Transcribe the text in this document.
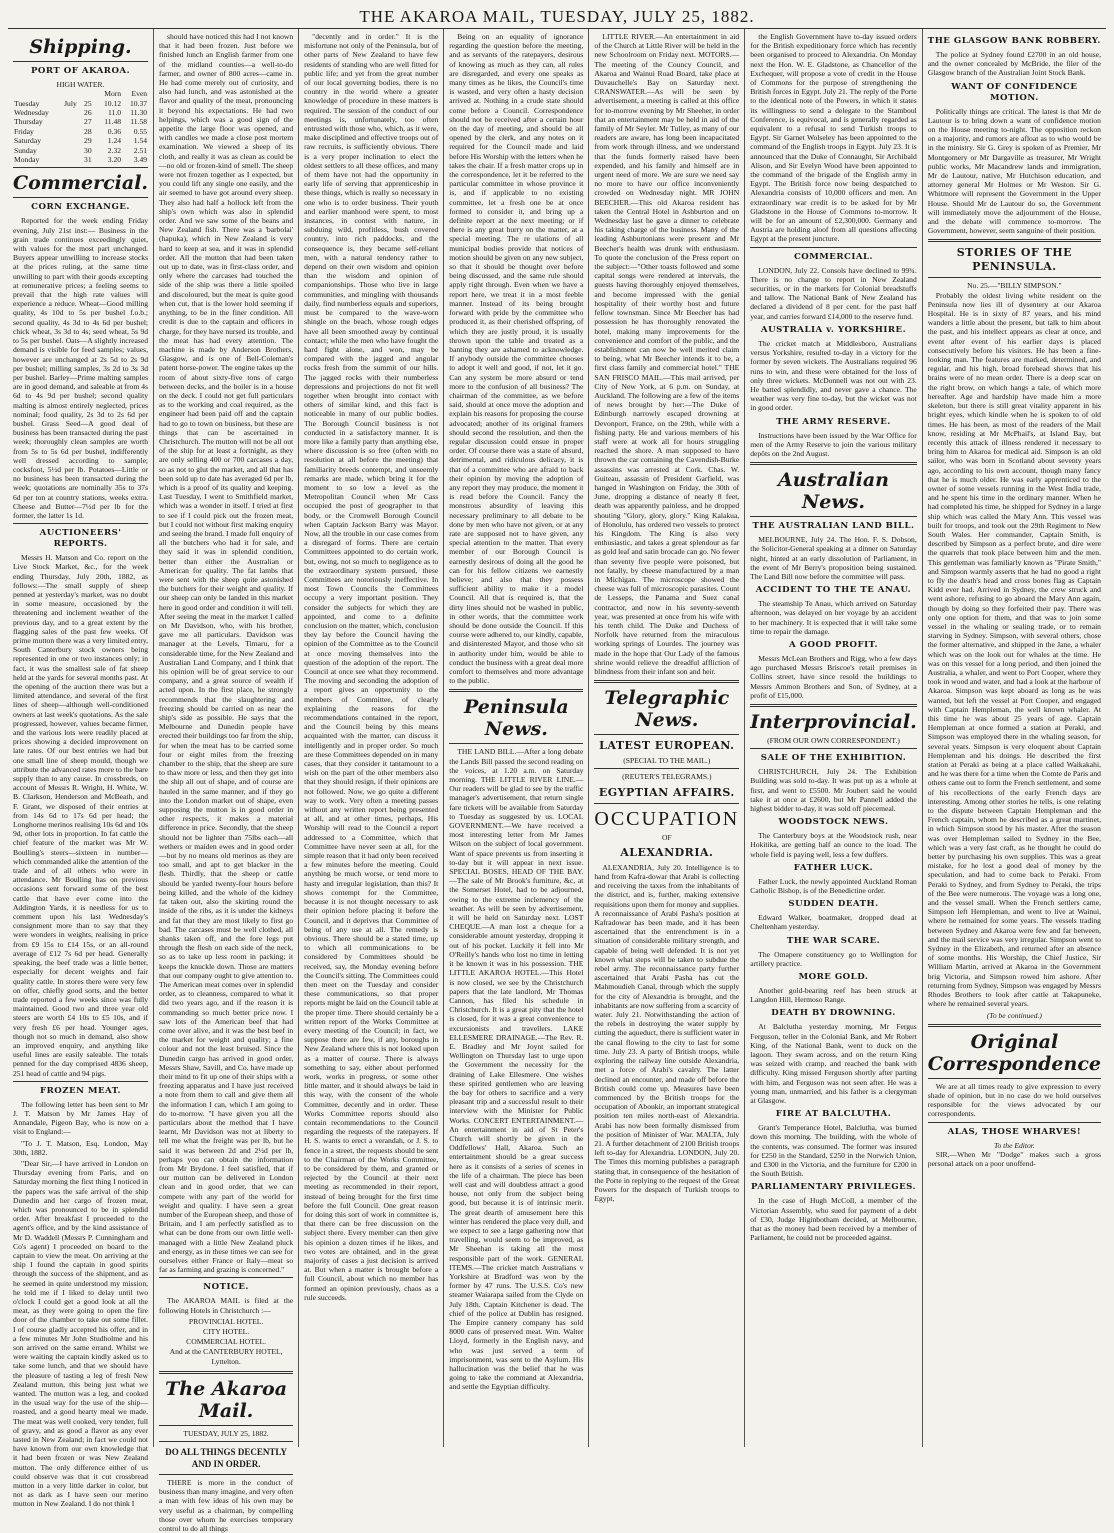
THE AKAROA MAIL, TUESDAY, JULY 25, 1882.
Shipping.
PORT OF AKAROA.
HIGH WATER.
			Morn	Even
Tuesday	July	25	10.12	10.37
Wednesday		26	11.0	11.30
Thursday		27	11.48	11.58
Friday		28	0.36	0.55
Saturday		29	1.24	1.54
Sunday		30	2.32	2.51
Monday		31	3.20	3.49
Commercial.
CORN EXCHANGE.

Reported for the week ending Friday evening, July 21st inst:— Business in the grain trade continues exceedingly quiet, with values for the most part unchanged. Buyers appear unwilling to increase stocks at the prices ruling, at the same time unwilling to part with their goods excepting at remunerative prices; a feeling seems to prevail that the high rate values will experience a reduce. Wheat—Good milling quality, 4s 10d to 5s per bushel f.o.b.; second quality, 4s 3d to 4s 6d per bushel; chick wheat, 3s 3d to 4s; seed wheat, 5s 9d to 5s per bushel. Oats—A slightly increased demand is visible for feed samples; values, however are unchanged at 2s 5d to 2s 9d per bushel; milling samples, 3s 2d to 3s 3d per bushel. Barley—Prime malting samples are in good demand, and saleable at from 4s 6d to 4s 9d per bushel; second quality malting is almost entirely neglected, prices nominal; food quality, 2s 3d to 2s 6d per bushel. Grass Seed—A good deal of business has been transacted during the past week; thoroughly clean samples are worth from 5s to 5s 6d per bushel, indifferently well dressed according to sample; cocksfoot, 5½d per lb. Potatoes—Little or no business has been transacted during the week; quotations are nominally 35s to 37s 6d per ton at country stations, weeks extra. Cheese and Butter—7½d per lb for the former, the latter 1s 1d.

AUCTIONEERS' REPORTS.

Messrs H. Matson and Co. report on the Live Stock Market, &c., for the week ending Thursday, July 20th, 1882, as follows:—The small supply of sheep penned at yesterday's market, was no doubt in some measure, occasioned by the threatening and inclement weather of the previous day, and to a great extent by the flagging sales of the past few weeks. Of prime mutton there was a very limited entry, South Canterbury stock owners being represented in one or two instances only; in fact, it was the smallest sale of fat sheep held at the yards for several months past. At the opening of the auction there was but a limited attendance, and several of the first lines of sheep—although well-conditioned owners at last week's quotations. As the sale progressed, however, values became firmer, and the various lots were readily placed at prices showing a decided improvement on late rates. Of our best entries we had but one small line of sheep mould, though we attribute the advanced rates more to the bare supply than to any cause. In crossbreds, on account of Messrs R. Wright, H. White, W. B. Clarkson, Henderson and McBeath, and F. Grant, we disposed of their entries at from 14s 6d to 17s 6d per head; the Longhorne merinos realising 10s 6d and 10s 9d, other lots in proportion. In fat cattle the chief feature of the market was Mr W. Boulling's steers—sixteen in number—which commanded alike the attention of the trade and of all others who were in attendance. Mr Boulling has on previous occasions sent forward some of the best cattle that have ever come into the Addington Yards, it is needless for us to comment upon his last Wednesday's consignment more than to say that they were wonders in weights, realising in price from £9 15s to £14 15s, or an all-round average of £12 7s 6d per head. Generally speaking, the beef trade was a little better, especially for decent weights and fair quality cattle. In stores there were very few on offer, chiefly good sorts, and the better trade reported a few weeks since was fully maintained. Good two and three year old steers are worth £4 10s to £5 10s, and if very fresh £6 per head. Younger ages, though not so much in demand, also show an improved enquiry, and anything like useful lines are easily saleable. The totals penned for the day comprised 4836 sheep, 251 head of cattle and 94 pigs.

FROZEN MEAT.

The following letter has been sent to Mr J. T. Matson by Mr James Hay of Annandale, Pigeon Bay, who is now on a visit to England:—

"To J. T. Matson, Esq. London, May 30th, 1882.

"Dear Sir,—I have arrived in London on Thursday evening from Paris, and on Saturday morning the first thing I noticed in the papers was the safe arrival of the ship Dunedin and her cargo of frozen meat, which was pronounced to be in splendid order. After breakfast I proceeded to the agent's office, and by the kind assistance of Mr D. Waddell (Messrs P. Cunningham and Co's agent) I proceeded on board to the captain to view the meat. On arriving at the ship I found the captain in good spirits through the success of the shipment, and as he seemed in quite understood my mission, he told me if I liked to delay until two o'clock I could get a good look at all the meat, as they were going to open the fire door of the chamber to take out some fillet. I of course gladly accepted his offer, and in a few minutes Mr John Studholme and his son arrived on the same errand. Whilst we were waiting the captain kindly asked us to take some lunch, and that we should have the pleasure of tasting a leg of fresh New Zealand mutton, this being just what we wanted. The mutton was a leg, and cooked in the usual way for the use of the ship—roasted, and a good hearty meal we made. The meat was well cooked, very tender, full of gravy, and as good a flavor as any ever tasted in New Zealand; in fact we could not have known from our own knowledge that it had been frozen or was New Zealand mutton. The only difference either of us could observe was that it cut crossbread mutton in a very little darker in color, but not as dark as I have seen our merino mutton in New Zealand. I do not think I

should have noticed this had I not known that it had been frozen. Just before we finished lunch an English farmer from one of the midland counties—a well-to-do farmer, and owner of 800 acres—came in. He had come merely out of curiosity, and also had lunch, and was astonished at the flavor and quality of the meat, pronouncing it beyond his expectations. He had two helpings, which was a good sign of the appetite the large floor was opened, and with candles we made a close post mortem examination. We viewed a sheep of its cloth, and really it was as clean as could be—no old or frozen-kind of smell. The sheep were not frozen together as I expected, but you could lift any single one easily, and the air seemed to have got around every sheep. They also had half a hollock left from the ship's own which was also in splendid order. And we saw some of the beans and New Zealand fish. There was a 'barbolai' (hapuka), which in New Zealand is very hard to keep at sea, and it was in splendid order. All the mutton that had been taken out up to date, was in first-class order, and only where the carcases had touched the side of the ship was there a little spoiled and discoloured, but the meat is quite good when cut, that is the lower hold seeming if anything, to be in the finer condition. All credit is due to the captain and officers in charge, for they have nursed its trouble, and the meat has had every attention. The machine is made by Anderson Brothers, Glasgow, and is one of Bell-Coleman's patent horse-power. The engine takes up the room of about sixty-five tons of cargo between decks, and the boiler is in a house on the deck. I could not get full particulars as to the working and coal required, as the engineer had been paid off and the captain had to go to town on business, but these are things that can be ascertained in Christchurch. The mutton will not be all out of the ship for at least a fortnight, as they are only selling 400 or 700 carcases a day, so as not to glut the market, and all that has been sold up to date has averaged 6d per lb, which is a proof of its quality and keeping. Last Tuesday, I went to Smithfield market, which was a wonder in itself. I tried at first to see if I could pick out the frozen meat, but I could not without first making enquiry and seeing the brand. I made full enquiry of all the butchers who had it for sale, and they said it was in splendid condition, better than either the Australian or American for quality. The fat lambs that were sent with the sheep quite astonished the butchers for their weight and quality. If our sheep can only be landed in this market here in good order and condition it will tell. After seeing the meat in the market I called on Mr Davidson, who, with his brother, gave me all particulars. Davidson was manager at the Levels, Timaru, for a considerable time, for the New Zealand and Australian Land Company, and I think that his opinion will be of great service to our company, and a great source of wealth if acted upon. In the first place, he strongly recommends that the slaughtering and freezing should be carried on as near the ship's side as possible. He says that the Melbourne and Dunedin people have erected their buildings too far from the ship, for when the meat has to be carried some four or eight miles from the freezing chamber to the ship, that the sheep are sure to thaw more or less, and then they get into the ship all out of shape, and of course are hauled in the same manner, and if they go into the London market out of shape, even supposing the mutton is in good order in other respects, it makes a material difference in price. Secondly, that the sheep should not be lighter than 75lbs each—all wethers or maiden ewes and in good order—but by no means old merinos as they are too small, and apt to get blacker in the flesh. Thirdly, that the sheep or cattle should be yarded twenty-four hours before being killed, and the whole of the kidney fat taken out, also the skirting round the inside of the ribs, as it is under the kidneys and fat that they are most likely to first go bad. The carcases must be well clothed, all shanks taken off, and the fore legs put through the flesh on each side of the neck, so as to take up less room in packing; it keeps the knuckle down. Those are matters that our company ought to give attention to. The American meat comes over in splendid order, as to cleanness, compared to what it did two years ago, and if the reason it is commanding so much better price now. I saw lots of the American beef that had come over alive, and it was the best beef in the market for weight and quality; a fine colour and not the least bruised. Since the Dunedin cargo has arrived in good order, Messrs Shaw, Savill, and Co. have made up their mind to fit up one of their ships with a freezing apparatus and I have just received a note from them to call and give them all the information I can, which I am going to do to-morrow. "I have given you all the particulars about the method that I have learnt, Mr Davidson was not at liberty to tell me what the freight was per lb, but he said it was between 2d and 2½d per lb, perhaps you can obtain the information from Mr Brydone. I feel satisfied, that if our mutton can be delivered in London clean and in good order, that we can compete with any part of the world for weight and quality. I have seen a great number of the European sheep, and those of Britain, and I am perfectly satisfied as to what can be done from our own little well-managed with a little New Zealand pluck and energy, as in these times we can see for ourselves either France or Italy—meat so far as farming and grazing is concerned."

NOTICE.

The AKAROA MAIL is filed at the following Hotels in Christchurch :—

PROVINCIAL HOTEL.
CITY HOTEL.
COMMERCIAL HOTEL.
And at the CANTERBURY HOTEL,
Lyttelton.
The Akaroa Mail.
TUESDAY, JULY 25, 1882.
DO ALL THINGS DECENTLY AND IN ORDER.

THERE is more in the conduct of business than many imagine, and very often a man with few ideas of his own may be very useful as a chairman, by compelling those over whom he exercises temporary control to do all things

"decently and in order." It is the misfortune not only of the Peninsula, but of other parts of New Zealand to have few residents of standing who are well fitted for public life; and yet from the great number of our local governing bodies, there is no country in the world where a greater knowledge of procedure in these matters is required. The session of the conduct of our meetings is, unfortunately, too often entrusted with those who, which, as it were, make disciplined and effective troops out of raw recruits, is sufficiently obvious. There is a very proper inclination to elect the oldest settlers to all these offices, and many of them have not had the opportunity in early life of serving that apprenticeship in these things, which is really so necessary in one who is to order business. Their youth and earlier manhood were spent, to most instances, in contest with nature, in subduing wild, profitless, bush covered country, into rich paddocks, and the consequence is, they became self-reliant men, with a natural tendency rather to depend on their own wisdom and opinion than the wisdom and opinion of companionships. Those who live in large communities, and mingling with thousands daily, find numberless equals and superiors, must be compared to the wave-worn shingle on the beach, whose rough edges have all been smoothed away by continual contact; while the men who have fought the hard fight alone, and won, may be compared with the jagged and angular rocks fresh from the summit of our hills. The jagged rocks with their numberless depressions and projections do not fit well together when brought into contact with others of similar kind, and this fact is noticeable in many of our public bodies. The Borough Council business is not conducted in a satisfactory manner. It is more like a family party than anything else, where discussion is so free (often with no resolution at all before the meeting) that familiarity breeds contempt, and unseemly remarks are made, which bring it for the moment to so low a level as the Metropolitan Council when Mr Cass occupied the post of geographer to that body, or the Cromwell Borough Council when Captain Jackson Barry was Mayor. Now, all the trouble in our case comes from a disregard of forms. There are certain Committees appointed to do certain work, but, owing, not so much to negligence as to the extraordinary system pursued, these Committees are notoriously ineffective. In most Town Councils the Committees occupy a very important position. They consider the subjects for which they are appointed, and come to a definite conclusion on the matter, which, conclusion they lay before the Council having the opinion of the Committee as to the Council at once moving themselves into the question of the adoption of the report. The Council at once see what they recommend. The moving and seconding the adoption of a report gives an opportunity to the members of Committee, of clearly explaining the reasons for the recommendations contained in the report, and the Council being by this means acquainted with the matter, can discuss it intelligently and in proper order. So much are these Committees depended on in many cases, that they consider it tantamount to a wish on the part of the other members also that they should resign, if their opinions are not followed. Now, we go quite a different way to work. Very often a meeting passes without any written report being presented at all, and at other times, perhaps, His Worship will read to the Council a report addressed to a Committee, which that Committee have never seen at all, for the simple reason that it had only been received a few minutes before the meeting. Could anything be much worse, or tend more to hasty and irregular legislation, than this? It shows contempt for the Committee, because it is not thought necessary to ask their opinion before placing it before the Council, and it deprives that Committee of being of any use at all. The remedy is obvious. There should be a stated time, up to which all communications to be considered by Committees should be received, say, the Monday evening before the Council's sitting. The Committees could then meet on the Tuesday and consider these communications, so that proper reports might be laid on the Council table at the proper time. There should certainly be a written report of the Works Committee at every meeting of the Council; in fact, we suppose there are few, if any, boroughs in New Zealand where this is not looked upon as a matter of course. There is always something to say, either about performed work, works in progress, or some other little matter, and it should always be laid in this way, with the consent of the whole Committee, decently and in order. These Works Committee reports should also contain recommendations to the Council regarding the requests of the ratepayers. If H. S. wants to erect a verandah, or J. S. to fence in a street, the requests should be sent to the Chairman of the Works Committee, to be considered by them, and granted or rejected by the Council at their next meeting as recommended in their report, instead of being brought for the first time before the full Council. One great reason for doing this sort of work in committee is, that there can be free discussion on the subject there. Every member can then give his opinion a dozen times if he likes, and two votes are obtained, and in the great majority of cases a just decision is arrived at. But when a matter is brought before a full Council, about which no member has formed an opinion previously, chaos as a rule succeeds.

Being on an equality of ignorance regarding the question before the meeting, and as servants of the ratepayers, desirous of knowing as much as they can, all rules are disregarded, and every one speaks as many times as he likes, the Council's time is wasted, and very often a hasty decision arrived at. Nothing in a crude state should come before a Council. Correspondence should not be received after a certain hour on the day of meeting, and should be all opened by the clerk, and any notes on it required for the Council made and laid before His Worship with the letters when he takes the chair. If a fresh matter crops up in the correspondence, let it be referred to the particular committee in whose province it is, and if applicable to no existing committee, let a fresh one be at once formed to consider it, and bring up a definite report at the next meeting; or if there is any great hurry on the matter, at a special meeting. The re ulations of all municipal bodies provide that notices of motion should be given on any new subject, so that it should be thought over before being discussed, and the same rule should apply right through. Even when we have a report here, we treat it in a most feeble manner. Instead of its being brought forward with pride by the committee who produced it, as their cherished offspring, of which they are justly proud, it is usually thrown upon the table and treated as a banting they are ashamed to acknowledge. If anybody outside the committee chooses to adopt it well and good, if not, let it go. Can any system be more absurd or tend more to the confusion of all business? The chairman of the committee, as we before said, should at once move the adoption and explain his reasons for proposing the course advocated; another of its original framers should second the resolution, and then the regular discussion could ensue in proper order. Of course there was a state of absurd, detrimental, and ridiculous delicacy, it is that of a committee who are afraid to back their opinion by moving the adoption of any report they may produce, the moment it is read before the Council. Fancy the monstrous absurdity of leaving this necessary preliminary to all debate to be done by men who have not given, or at any rate are supposed not to have given, any special attention to the matter. That every member of our Borough Council is earnestly desirous of doing all the good he can for his fellow citizens we earnestly believe; and also that they possess sufficient ability to make it a model Council. All that is required is, that the dirty lines should not be washed in public, in other words, that the committee work should be done outside the Council. If this course were adhered to, our kindly, capable, and disinterested Mayor, and those who sit in authority under him, would be able to conduct the business with a great deal more comfort to themselves and more advantage to the public.

Peninsula News.

THE LAND BILL.—After a long debate the Lands Bill passed the second reading on the voices, at 1.20 a.m. on Saturday morning. THE LITTLE RIVER LINE.—Our readers will be glad to see by the traffic manager's advertisement, that return single fare tickets will be available from Saturday to Tuesday as suggested by us. LOCAL GOVERNMENT.—We have received a most interesting letter from Mr James Wilson on the subject of local government. Want of space prevents us from inserting it to-day but it will appear in next issue. SPECIAL BOSES, HEAD OF THE BAY.—The sale of Mr Brook's furniture, &c, at the Somerset Hotel, had to be adjourned, owing to the extreme inclemency of the weather. As will be seen by advertisement, it will be held on Saturday next. LOST CHEQUE.—A man lost a cheque for a considerable amount yesterday, dropping it out of his pocket. Luckily it fell into Mr O'Reilly's hands who lost no time in letting it be known it was in his possession. THE LITTLE AKAROA HOTEL.—This Hotel is now closed, we see by the Christchurch papers that the late landlord, Mr Thomas Cannon, has filed his schedule in Christchurch. It is a great pity that the hotel is closed, for it was a great convenience to excursionists and travellers. LAKE ELLESMERE DRAINAGE.—The Rev. R. E. Bradley and Mr Joynt sailed for Wellington on Thursday last to urge upon the Government the necessity for the draining of Lake Ellesmere. One wishes these spirited gentlemen who are leaving the bay for others to sacrifice and a very pleasant trip and a successful result to their interview with the Minister for Public Works. CONCERT ENTERTAINMENT.—An entertainment in aid of St Peter's Church will shortly be given in the Oddfellows' Hall, Akaroa. Such an entertainment should be a great success here as it consists of a series of scenes in the life of a chairman. The piece has been well cast and will doubtless attract a good house, not only from the subject being good, but because it is of intrinsic merit. The great dearth of amusement here this winter has rendered the place very dull, and we expect to see a large gathering now that travelling, would seem to be improved, as Mr Sheehan is taking all the most responsible part of the work. GENERAL ITEMS.—The cricket match Australians v Yorkshire at Bradford was won by the former by 47 runs. The U.S.S. Co's new steamer Waiarapa sailed from the Clyde on July 18th. Captain Kitchener is dead. The chief of the police at Dublin has resigned. The Empire cannery company has sold 8000 cans of preserved meat. Wm. Walter Lloyd, formerly in the English navy, and who was just served a term of imprisonment, was sent to the Asylum. His hallucination was the belief that he was going to take the command at Alexandria, and settle the Egyptian difficulty.

LITTLE RIVER.—An entertainment in aid of the Church at Little River will be held in the new Schoolroom on Friday next. MOTORS.—The meeting of the Councy Council, and Akaroa and Wainui Road Board, take place at Duvauchelle's Bay on Saturday next. CRANSWATER.—As will be seen by advertisement, a meeting is called at this office for to-morrow evening by Mr Sheeher, in order that an entertainment may be held in aid of the family of Mr Seyler. Mr Tulley, as many of our readers are aware, has long been incapacitated from work through illness, and we understand that the funds formerly raised have been expended, and his family and himself are in urgent need of more. We are sure we need say no more to have our office inconveniently crowded on Wednesday night. MR JOHN BEECHER.—This old Akaroa resident has taken the Central Hotel in Ashburton and on Wednesday last he gave a dinner to celebrate his taking charge of the business. Many of the leading Ashburtonians were present and Mr Beecher's health was drunk with enthusiasm. To quote the conclusion of the Press report on the subject:—"Other toasts followed and some capital songs were rendered at intervals, the guests having thoroughly enjoyed themselves, and become impressed with the genial hospitality of their worthy host and future fellow townsman. Since Mr Beecher has had possession he has thoroughly renovated the hotel, making many improvements for the convenience and comfort of the public, and the establishment can now be well merited claim to being, what Mr Beecher intends it to be, a first class family and commercial hotel." THE SAN FRISCO MAIL.—This mail arrived, per City of New York, at 6 p.m. on Sunday, at Auckland. The following are a few of the items of news brought by her:—The Duke of Edinburgh narrowly escaped drowning at Devonport, France, on the 29th, while with a fishing party. He and various members of his staff were at work all for hours struggling reached the shore. A man supposed to have thrown the car containing the Cavendish-Burke assassins was arrested at Cork. Chas. W. Guiteau, assassin of President Garfield, was hanged in Washington on Friday, the 30th of June, dropping a distance of nearly 8 feet, death was apparently painless, and he dropped shouting "Glory, glory, glory." King Kalakua, of Honolulu, has ordered two vessels to protect his Kingdom. The King is also very enthusiastic, and takes a great splendour as far as gold leaf and satin brocade can go. No fewer than seventy five people were poisoned, but not fatally, by cheese manufactured by a man in Michigan. The microscope showed the cheese was full of microscopic parasites. Count de Lesseps, the Panama and Suez canal contractor, and now in his seventy-seventh year, was presented at once from his wife with his tenth child. The Duke and Duchess of Norfolk have returned from the miraculous working springs of Lourdes. The journey was made in the hope that Our Lady of the famous shrine would relieve the dreadful affliction of blindness from their infant son and heir.

Telegraphic News.
LATEST EUROPEAN.
(SPECIAL TO THE MAIL.)
(REUTER'S TELEGRAMS.)
EGYPTIAN AFFAIRS.
OCCUPATION
OF
ALEXANDRIA.

ALEXANDRIA, July 20. Intelligence is to hand from Kafra-dowar that Arabi is collecting and receiving the taxes from the inhabitants of the district, and is, further, making extensive requisitions upon them for money and supplies. A reconnaissance of Arabi Pasha's position at Kafradowar has been made, and it has been ascertained that the entrenchment is in a situation of considerable military strength, and capable of being well defended. It is not yet known what steps will be taken to subdue the rebel army. The reconnaissance party further ascertained that Arabi Pasha has cut the Mahmoudieh Canal, through which the supply for the city of Alexandria is brought, and the inhabitants are now suffering from a scarcity of water. July 21. Notwithstanding the action of the rebels in destroying the water supply by cutting the aqueduct, there is sufficient water in the canal flowing to the city to last for some time. July 23. A party of British troops, while exploring the railway line outside Alexandria, met a force of Arabi's cavalry. The latter declined an encounter, and made off before the British could come up. Measures have been commenced by the British troops for the occupation of Aboukir, an important strategical position ten miles north-east of Alexandria. Arabi has now been formally dismissed from the position of Minister of War. MALTA, July 21. A further detachment of 2100 British troops left to-day for Alexandria. LONDON, July 20. The Times this morning publishes a paragraph stating that, in consequence of the hesitation of the Porte in replying to the request of the Great Powers for the despatch of Turkish troops to Egypt,

the English Government have to-day issued orders for the British expeditionary force which has recently been organised to proceed to Alexandria. On Monday next the Hon. W. E. Gladstone, as Chancellor of the Exchequer, will propose a vote of credit in the House of Commons for the purpose of strengthening the British forces in Egypt. July 21. The reply of the Porte to the identical note of the Powers, in which it states its willingness to send a delegate to the Stamboul Conference, is equivocal, and is generally regarded as equivalent to a refusal to send Turkish troops to Egypt. Sir Garnet Wolseley has been appointed to the command of the English troops in Egypt. July 23. It is announced that the Duke of Connaught, Sir Archibald Alison, and Sir Evelyn Wood have been appointed to the command of the brigade of the English army in Egypt. The British force now being despatched to Alexandria consists of 10,000 officers and men. An extraordinary war credit is to be asked for by Mr Gladstone in the House of Commons to-morrow. It will be for an amount of £2,300,000. Germany and Austria are holding aloof from all questions affecting Egypt at the present juncture.

COMMERCIAL.

LONDON, July 22. Consols have declined to 99¾. There is no change to report in New Zealand securities, or in the markets for Colonial breadstuffs and tallow. The National Bank of New Zealand has declared a dividend of 8 per cent. for the past half year, and carries forward £14,000 to the reserve fund.

AUSTRALIA v. YORKSHIRE.

The cricket match at Middlesboro, Australians versus Yorkshire, resulted to-day in a victory for the former by seven wickets. The Australians required 96 runs to win, and these were obtained for the loss of only three wickets. McDonnell was not out with 23. He batted splendidly, and never gave a chance. The weather was very fine to-day, but the wicket was not in good order.

THE ARMY RESERVE.

Instructions have been issued by the War Office for men of the Army Reserve to join the various military depôts on the 2nd August.

Australian News.
THE AUSTRALIAN LAND BILL.

MELBOURNE, July 24. The Hon. F. S. Dobson, the Solicitor-General speaking at a dinner on Saturday night, hinted at an early dissolution of Parliament, in the event of Mr Berry's proposition being sustained. The Land Bill now before the committee will pass.

ACCIDENT TO THE TE ANAU.

The steamship Te Anau, which arrived on Saturday afternoon, was delayed on her voyage by an accident to her machinery. It is expected that it will take some time to repair the damage.

A GOOD PROFIT.

Messrs McLean Brothers and Rigg, who a few days ago purchased Messrs Briscoe's retail premises in Collins street, have since resold the buildings to Messrs Ammon Brothers and Son, of Sydney, at a profit of £15,000.

Interprovincial.
(FROM OUR OWN CORRESPONDENT.)
SALE OF THE EXHIBITION.

CHRISTCHURCH, July 24. The Exhibition Building was sold to-day. It was put up as a whole at first, and went to £5500. Mr Joubert said he would take it at once at £2600, but Mr Pannell added the highest bidder to-day, it was sold off piecemeal.

WOODSTOCK NEWS.

The Canterbury boys at the Woodstock rush, near Hokitika, are getting half an ounce to the load. The whole field is paying well, less a few duffers.

FATHER LUCK.

Father Luck, the newly appointed Auckland Roman Catholic Bishop, is of the Benedictine order.

SUDDEN DEATH.

Edward Walker, boatmaker, dropped dead at Cheltenham yesterday.

THE WAR SCARE.

The Omapere constituency go to Wellington for artillery practice.

MORE GOLD.

Another gold-bearing reef has been struck at Langdon Hill, Hermoso Range.

DEATH BY DROWNING.

At Balclutha yesterday morning, Mr Fergus Ferguson, teller in the Colonial Bank, and Mr Robert King, of the National Bank, went to duck on the lagoon. They swam across, and on the return King was seized with cramp, and reached the bank with difficulty. King missed Ferguson shortly after parting with him, and Ferguson was not seen after. He was a young man, unmarried, and his father is a clergyman at Glasgow.

FIRE AT BALCLUTHA.

Grant's Temperance Hotel, Balclutha, was burned down this morning. The building, with the whole of the contents, was consumed. The former was insured for £250 in the Standard, £250 in the Norwich Union, and £300 in the Victoria, and the furniture for £200 in the South British.

PARLIAMENTARY PRIVILEGES.

In the case of Hugh McColl, a member of the Victorian Assembly, who sued for payment of a debt of £30, Judge Higinbotham decided, at Melbourne, that as the money had been received by a member of Parliament, he could not be proceeded against.

THE GLASGOW BANK ROBBERY.

The police at Sydney found £2700 in an old house, and the owner concealed by McBride, the filer of the Glasgow branch of the Australian Joint Stock Bank.

WANT OF CONFIDENCE MOTION.

Politically things are critical. The latest is that Mr de Lautour is to bring down a want of confidence motion on the House meeting to-night. The opposition reckon on a majority, and rumors are afloat as to who would be in the ministry. Sir G. Grey is spoken of as Premier, Mr Montgomery or Mr Dargaville as treasurer, Mr Wright public works, Mr Macandrew lands and immigration, Mr de Lautour, native, Mr Hutchison education, and attorney general Mr Holmes or Mr Weston. Sir G. Whitmore will represent the Government in the Upper House. Should Mr de Lautour do so, the Government will immediately move the adjournment of the House, and the debate will commence to-morrow. The Government, however, seem sanguine of their position.

STORIES OF THE PENINSULA.
No. 25.—"BILLY SIMPSON."

Probably the oldest living white resident on the Peninsula now lies ill of dysentery at our Akaroa Hospital. He is in sixty of 87 years, and his mind wanders a little about the present, but talk to him about the past, and his intellect appears as clear at once, and event after event of his earlier days is placed consecutively before his visitors. He has been a fine-looking man. The features are marked, determined, and regular, and his high, broad forehead shows that his brains were of no mean order. There is a deep scar on the right brow, on which hangs a tale, of which more hereafter. Age and hardship have made him a more skeleton, but there is still great vitality apparent in his bright eyes, which kindle when he is spoken to of old times. He has been, as most of the readers of the Mail know, residing at Mr McPhail's, at Island Bay, but recently this attack of illness rendered it necessary to bring him to Akaroa for medical aid. Simpson is an old sailor, who was born in Scotland about seventy years ago, according to his own account, though many fancy that he is much older. He was early apprenticed to the owner of some vessels running in the West India trade, and he spent his time in the ordinary manner. When he had completed his time, he shipped for Sydney in a large ship which was called the Mary Ann. This vessel was built for troops, and took out the 29th Regiment to New South Wales. Her commander, Captain Smith, is described by Simpson as a perfect brute, and dire were the quarrels that took place between him and the men. This gentleman was familiarly known as "Pirate Smith," and Simpson warmly asserts that he had no good a right to fly the death's head and cross bones flag as Captain Kidd ever had. Arrived in Sydney, the crew struck and went ashore, refusing to go aboard the Mary Ann again, though by doing so they forfeited their pay. There was only one option for them, and that was to join some vessel in the whaling or sealing trade, or to remain starving in Sydney. Simpson, with several others, chose the former alternative, and shipped in the Jane, a whaler which was on the look out for whales at the time. He was on this vessel for a long period, and then joined the Australia, a whaler, and went to Port Cooper, where they took in wood and water, and had a look at the harbour of Akaroa. Simpson was kept aboard as long as he was wanted, but left the vessel at Port Cooper, and engaged with Captain Hempleman, the well known whaler. At this time he was about 25 years of age. Captain Hempleman at once formed a station at Peraki, and Simpson was employed there in the whaling season, for several years. Simpson is very eloquent about Captain Hempleman and his doings. He described the first station at Peraki as being at a place called Waikakahi, and he was there for a time when the Comte de Paris and others came out to form the French settlement, and some of his recollections of the early French days are interesting. Among other stories he tells, is one relating to the dispute between Captain Hempleman and the French captain, whom he described as a great martinet, in which Simpson stood by his master. After the season was over Hempleman sailed to Sydney in the Bee, which was a very fast craft, as he thought he could do better by purchasing his own supplies. This was a great mistake, for he lost a good deal of money by the speculation, and had to come back to Peraki. From Peraki to Sydney, and from Sydney to Peraki, the trips of the Bee were numerous. The voyage was a long one, and the vessel small. When the French settlers came, Simpson left Hempleman, and went to live at Wainui, where he remained for some years. The vessels trading between Sydney and Akaroa were few and far between, and the mail service was very irregular. Simpson went to Sydney in the Elizabeth, and returned after an absence of some months. His Worship, the Chief Justice, Sir William Martin, arrived at Akaroa in the Government brig Victoria, and Simpson rowed him ashore. After returning from Sydney, Simpson was engaged by Messrs Rhodes Brothers to look after cattle at Takapuneke, where he remained several years.

(To be continued.)
Original Correspondence

We are at all times ready to give expression to every shade of opinion, but in no case do we hold ourselves responsible for the views advocated by our correspondents.

ALAS, THOSE WHARVES!
To the Editor.

SIR,—When Mr "Dodge" makes such a gross personal attack on a poor unoffend-
